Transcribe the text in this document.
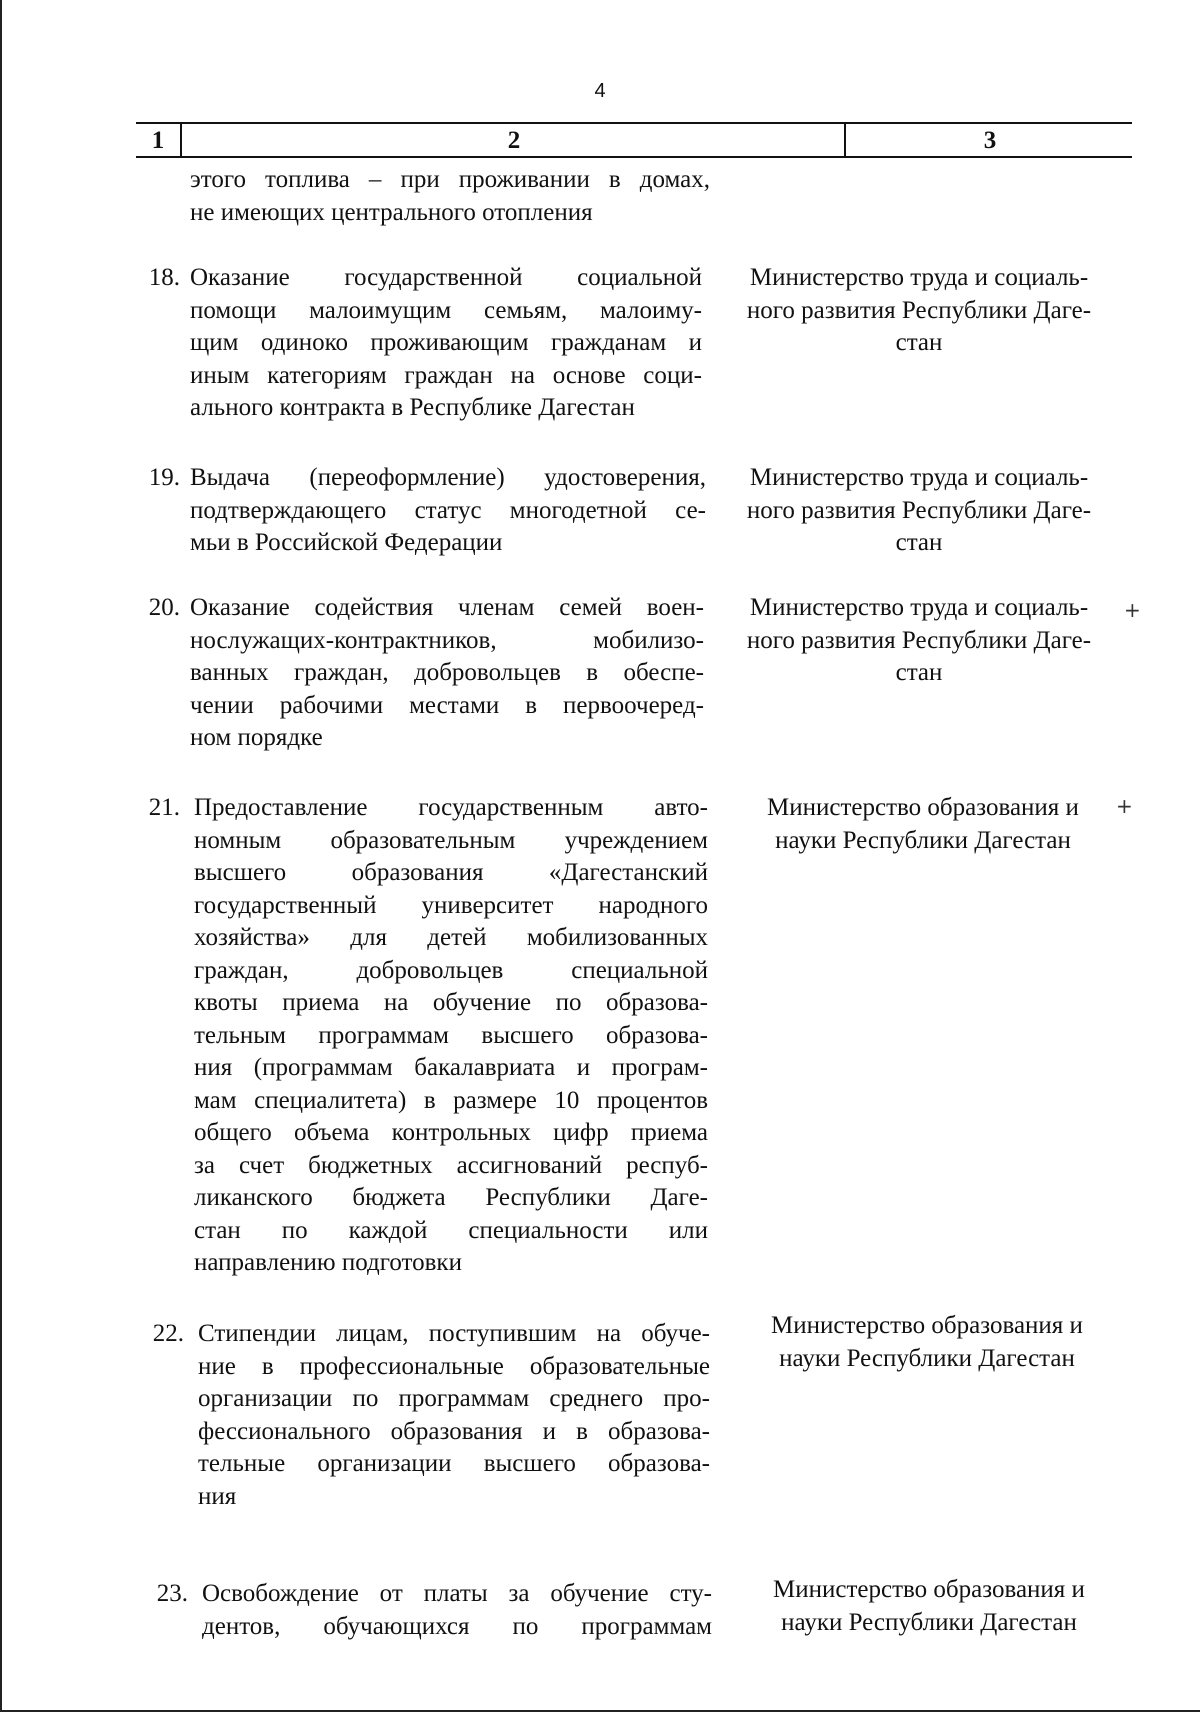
4
1	2	3
этого топлива – при проживании в домах,
не имеющих центрального отопления
18. Оказание государственной социальной
помощи малоимущим семьям, малоиму-
щим одиноко проживающим гражданам и
иным категориям граждан на основе соци-
ального контракта в Республике Дагестан
Министерство труда и социаль-
ного развития Республики Даге-
стан
19. Выдача (переоформление) удостоверения,
подтверждающего статус многодетной се-
мьи в Российской Федерации
Министерство труда и социаль-
ного развития Республики Даге-
стан
20. Оказание содействия членам семей воен-
нослужащих-контрактников, мобилизо-
ванных граждан, добровольцев в обеспе-
чении рабочими местами в первоочеред-
ном порядке
Министерство труда и социаль-
ного развития Республики Даге-
стан
+
21. Предоставление государственным авто-
номным образовательным учреждением
высшего образования «Дагестанский
государственный университет народного
хозяйства» для детей мобилизованных
граждан, добровольцев специальной
квоты приема на обучение по образова-
тельным программам высшего образова-
ния (программам бакалавриата и програм-
мам специалитета) в размере 10 процентов
общего объема контрольных цифр приема
за счет бюджетных ассигнований респуб-
ликанского бюджета Республики Даге-
стан по каждой специальности или
направлению подготовки
Министерство образования и
науки Республики Дагестан
+
22. Стипендии лицам, поступившим на обуче-
ние в профессиональные образовательные
организации по программам среднего про-
фессионального образования и в образова-
тельные организации высшего образова-
ния
Министерство образования и
науки Республики Дагестан
23. Освобождение от платы за обучение сту-
дентов, обучающихся по программам
Министерство образования и
науки Республики Дагестан
